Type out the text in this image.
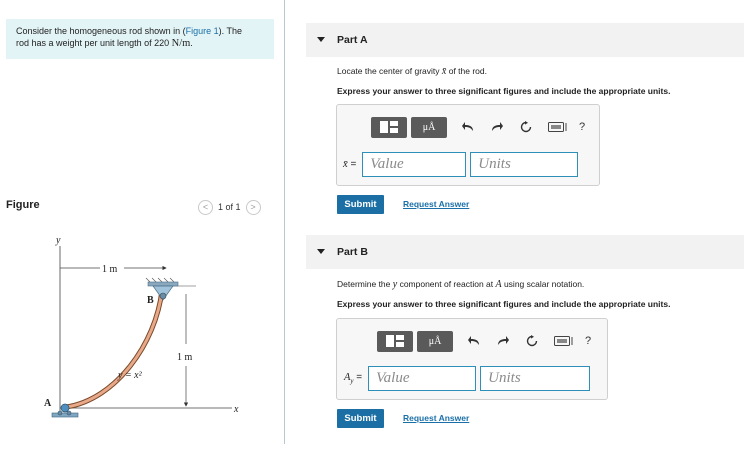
Consider the homogeneous rod shown in (Figure 1). The
rod has a weight per unit length of 220 N/m.
Figure	<	1 of 1	>
y
x
1 m
1 m
y = x²
B
A
Part A
Locate the center of gravity x̄ of the rod.
Express your answer to three significant figures and include the appropriate units.
μÅ	?
x̄ = Value	Units
Submit	Request Answer
Part B
Determine the y component of reaction at A using scalar notation.
Express your answer to three significant figures and include the appropriate units.
μÅ	?
$A_y$ = Value	Units
Submit	Request Answer
